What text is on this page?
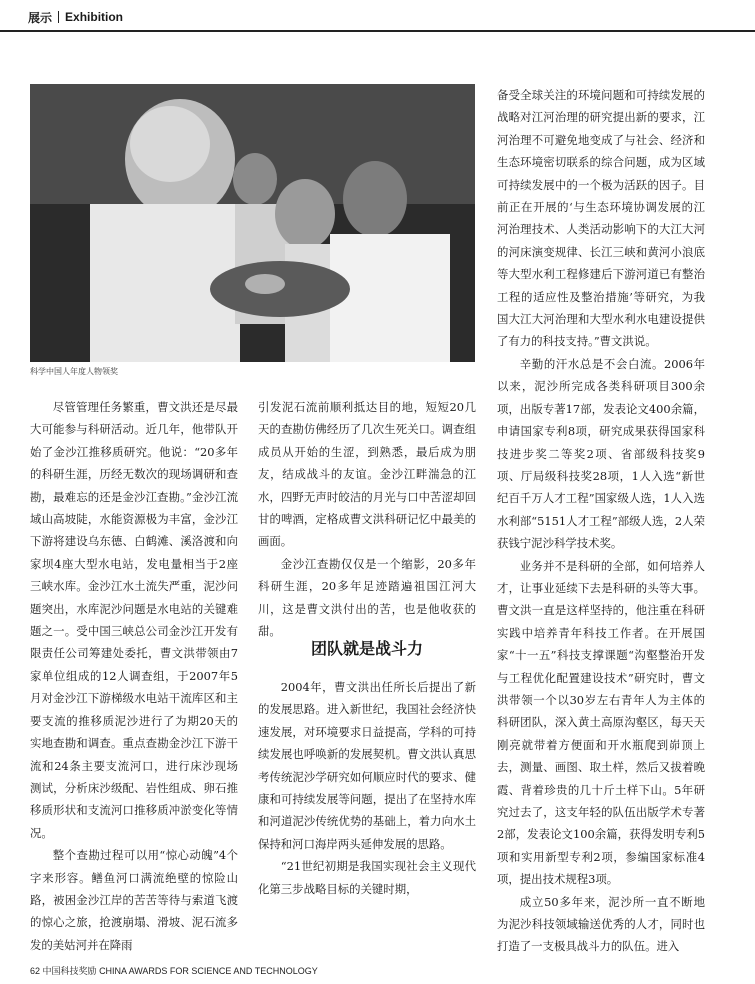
展示 Exhibition
科学中国人年度人物领奖

尽管管理任务繁重，曹文洪还是尽最大可能参与科研活动。近几年，他带队开始了金沙江推移质研究。他说：“20多年的科研生涯，历经无数次的现场调研和查勘，最难忘的还是金沙江查勘。”金沙江流域山高坡陡，水能资源极为丰富，金沙江下游将建设乌东德、白鹤滩、溪洛渡和向家坝4座大型水电站，发电量相当于2座三峡水库。金沙江水土流失严重，泥沙问题突出，水库泥沙问题是水电站的关键难题之一。受中国三峡总公司金沙江开发有限责任公司筹建处委托，曹文洪带领由7家单位组成的12人调查组，于2007年5月对金沙江下游梯级水电站干流库区和主要支流的推移质泥沙进行了为期20天的实地查勘和调查。重点查勘金沙江下游干流和24条主要支流河口，进行床沙现场测试，分析床沙级配、岩性组成、卵石推移质形状和支流河口推移质冲淤变化等情况。

整个查勘过程可以用“惊心动魄”4个字来形容。鳝鱼河口满流绝壁的惊险山路，被困金沙江岸的苦苦等待与索道飞渡的惊心之旅，抢渡崩塌、滑坡、泥石流多发的美姑河并在降雨

引发泥石流前顺利抵达目的地，短短20几天的查勘仿佛经历了几次生死关口。调查组成员从开始的生涩，到熟悉，最后成为朋友，结成战斗的友谊。金沙江畔湍急的江水，四野无声时皎洁的月光与口中苦涩却回甘的啤酒，定格成曹文洪科研记忆中最美的画面。

金沙江查勘仅仅是一个缩影，20多年科研生涯，20多年足迹踏遍祖国江河大川，这是曹文洪付出的苦，也是他收获的甜。

团队就是战斗力

2004年，曹文洪出任所长后提出了新的发展思路。进入新世纪，我国社会经济快速发展，对环境要求日益提高，学科的可持续发展也呼唤新的发展契机。曹文洪认真思考传统泥沙学研究如何顺应时代的要求、健康和可持续发展等问题，提出了在坚持水库和河道泥沙传统优势的基础上，着力向水土保持和河口海岸两头延伸发展的思路。

“21世纪初期是我国实现社会主义现代化第三步战略目标的关键时期，

备受全球关注的环境问题和可持续发展的战略对江河治理的研究提出新的要求，江河治理不可避免地变成了与社会、经济和生态环境密切联系的综合问题，成为区域可持续发展中的一个极为活跃的因子。目前正在开展的‘与生态环境协调发展的江河治理技术、人类活动影响下的大江大河的河床演变规律、长江三峡和黄河小浪底等大型水利工程修建后下游河道已有整治工程的适应性及整治措施’等研究，为我国大江大河治理和大型水利水电建设提供了有力的科技支持。”曹文洪说。

辛勤的汗水总是不会白流。2006年以来，泥沙所完成各类科研项目300余项，出版专著17部，发表论文400余篇，申请国家专利8项，研究成果获得国家科技进步奖二等奖2项、省部级科技奖9项、厅局级科技奖28项，1人入选“新世纪百千万人才工程”国家级人选，1人入选水利部“5151人才工程”部级人选，2人荣获钱宁泥沙科学技术奖。

业务并不是科研的全部，如何培养人才，让事业延续下去是科研的头等大事。曹文洪一直是这样坚持的，他注重在科研实践中培养青年科技工作者。在开展国家“十一五”科技支撑课题“沟壑整治开发与工程优化配置建设技术”研究时，曹文洪带领一个以30岁左右青年人为主体的科研团队，深入黄土高原沟壑区，每天天刚亮就带着方便面和开水瓶爬到峁顶上去，测量、画图、取土样，然后又拔着晚霞、背着珍贵的几十斤土样下山。5年研究过去了，这支年轻的队伍出版学术专著2部，发表论文100余篇，获得发明专利5项和实用新型专利2项，参编国家标准4项，提出技术规程3项。

成立50多年来，泥沙所一直不断地为泥沙科技领域输送优秀的人才，同时也打造了一支极具战斗力的队伍。进入

62 中国科技奖励 CHINA AWARDS FOR SCIENCE AND TECHNOLOGY
